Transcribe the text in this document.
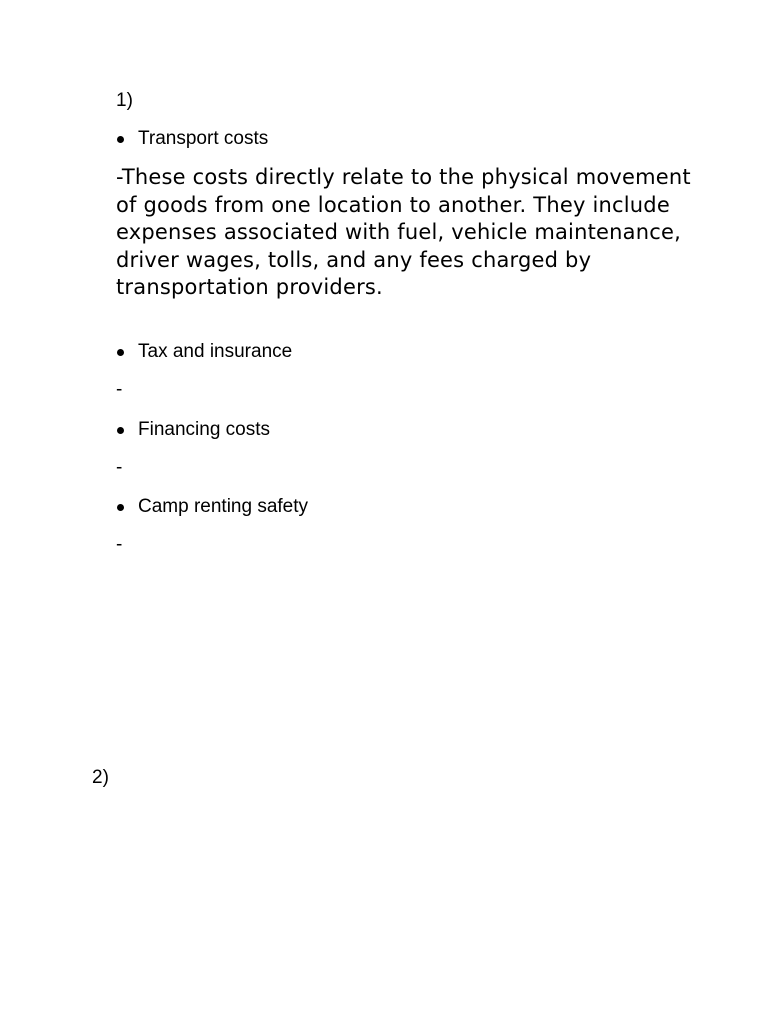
1)
Transport costs
-These costs directly relate to the physical movement of goods from one location to another. They include expenses associated with fuel, vehicle maintenance, driver wages, tolls, and any fees charged by transportation providers.
Tax and insurance
-
Financing costs
-
Camp renting safety
-
2)
